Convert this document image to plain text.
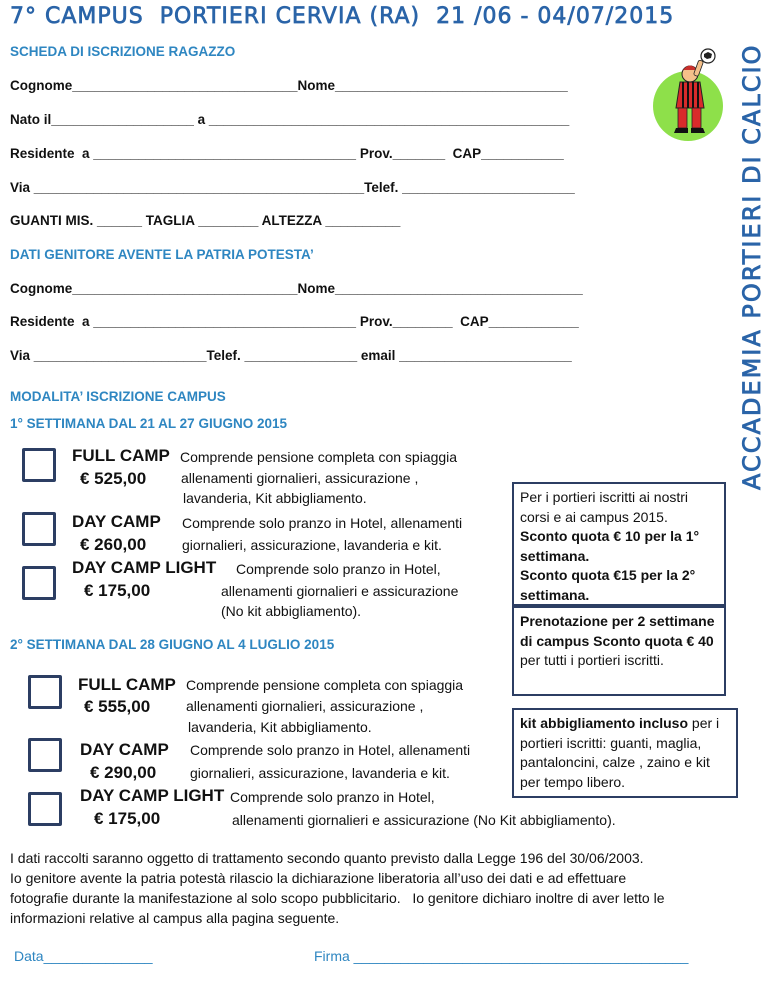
7° CAMPUS  PORTIERI CERVIA (RA)  21 /06 - 04/07/2015
ACCADEMIA PORTIERI DI CALCIO
SCHEDA DI ISCRIZIONE RAGAZZO
Cognome______________________________Nome_______________________________
Nato il___________________ a ________________________________________________
Residente  a ___________________________________ Prov._______  CAP___________
Via ____________________________________________Telef. _______________________
GUANTI MIS. ______ TAGLIA ________ ALTEZZA __________
DATI GENITORE AVENTE LA PATRIA POTESTA’
Cognome______________________________Nome_________________________________
Residente  a ___________________________________ Prov.________  CAP____________
Via _______________________Telef. _______________ email _______________________
MODALITA’ ISCRIZIONE CAMPUS
1° SETTIMANA DAL 21 AL 27 GIUGNO 2015
FULL CAMP
€ 525,00
Comprende pensione completa con spiaggia
allenamenti giornalieri, assicurazione ,
lavanderia, Kit abbigliamento.
DAY CAMP
€ 260,00
Comprende solo pranzo in Hotel, allenamenti
giornalieri, assicurazione, lavanderia e kit.
DAY CAMP LIGHT
€ 175,00
Comprende solo pranzo in Hotel,
allenamenti giornalieri e assicurazione
(No kit abbigliamento).
2° SETTIMANA DAL 28 GIUGNO AL 4 LUGLIO 2015
FULL CAMP
€ 555,00
Comprende pensione completa con spiaggia
allenamenti giornalieri, assicurazione ,
lavanderia, Kit abbigliamento.
DAY CAMP
€ 290,00
Comprende solo pranzo in Hotel, allenamenti
giornalieri, assicurazione, lavanderia e kit.
DAY CAMP LIGHT
€ 175,00
Comprende solo pranzo in Hotel,
allenamenti giornalieri e assicurazione (No Kit abbigliamento).
Per i portieri iscritti ai nostri corsi e ai campus 2015.
Sconto quota € 10 per la 1° settimana.
Sconto quota €15 per la 2° settimana.
Prenotazione per 2 settimane di campus Sconto quota € 40 per tutti i portieri iscritti.
kit abbigliamento incluso per i portieri iscritti: guanti, maglia, pantaloncini, calze , zaino e kit per tempo libero.
I dati raccolti saranno oggetto di trattamento secondo quanto previsto dalla Legge 196 del 30/06/2003.
Io genitore avente la patria potestà rilascio la dichiarazione liberatoria all’uso dei dati e ad effettuare
fotografie durante la manifestazione al solo scopo pubblicitario.   Io genitore dichiaro inoltre di aver letto le
informazioni relative al campus alla pagina seguente.
Data______________	Firma ___________________________________________
